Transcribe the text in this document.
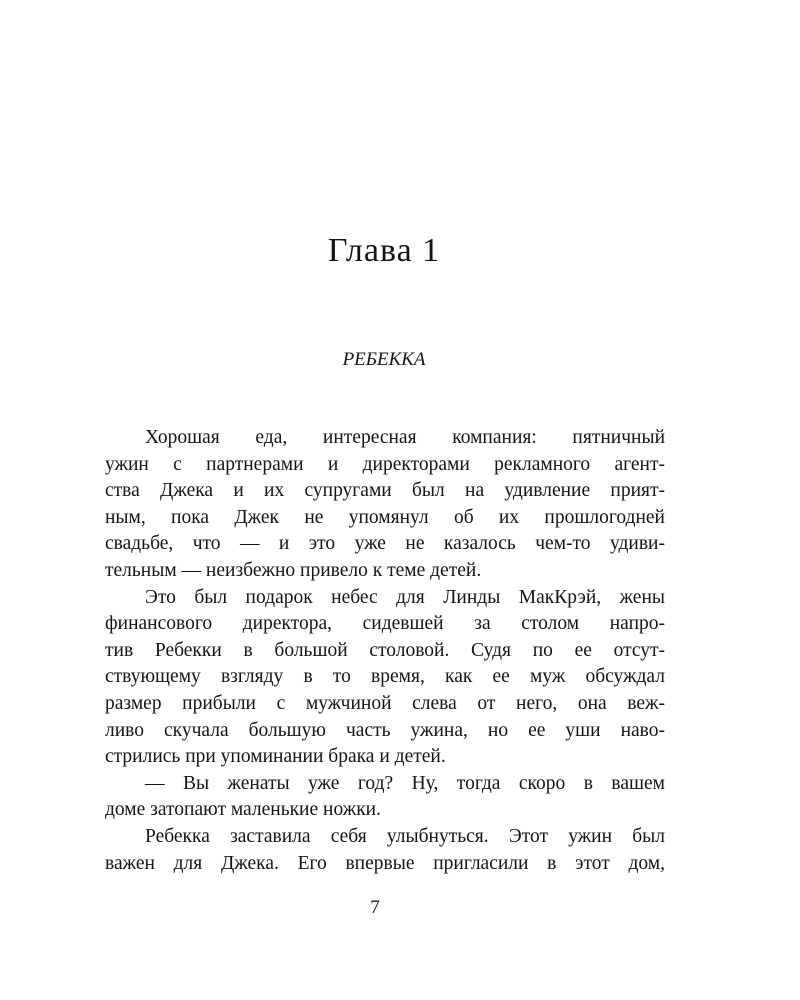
Глава 1

РЕБЕККА

Хорошая еда, интересная компания: пятничный
ужин с партнерами и директорами рекламного агент-
ства Джека и их супругами был на удивление прият-
ным, пока Джек не упомянул об их прошлогодней
свадьбе, что — и это уже не казалось чем-то удиви-
тельным — неизбежно привело к теме детей.
Это был подарок небес для Линды МакКрэй, жены
финансового директора, сидевшей за столом напро-
тив Ребекки в большой столовой. Судя по ее отсут-
ствующему взгляду в то время, как ее муж обсуждал
размер прибыли с мужчиной слева от него, она веж-
ливо скучала большую часть ужина, но ее уши наво-
стрились при упоминании брака и детей.
— Вы женаты уже год? Ну, тогда скоро в вашем
доме затопают маленькие ножки.
Ребекка заставила себя улыбнуться. Этот ужин был
важен для Джека. Его впервые пригласили в этот дом,
7
